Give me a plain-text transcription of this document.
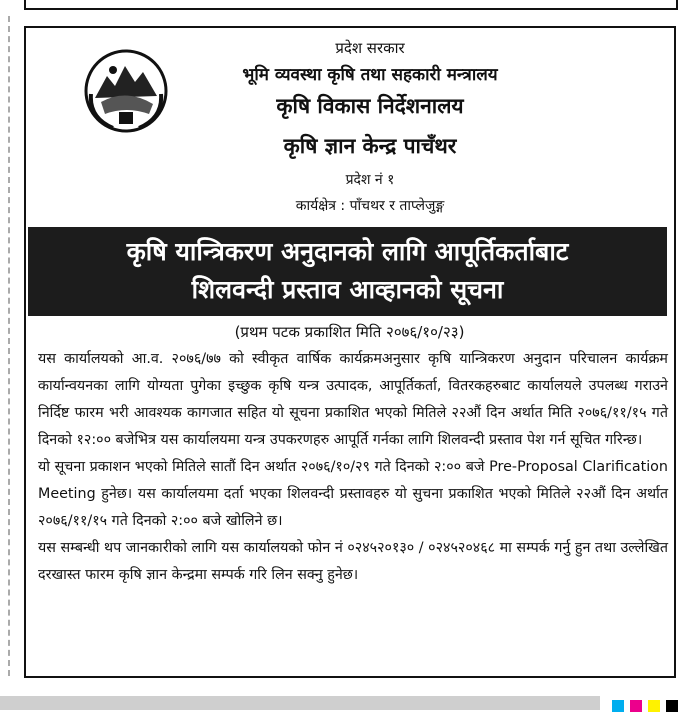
प्रदेश सरकार
भूमि व्यवस्था कृषि तथा सहकारी मन्त्रालय
कृषि विकास निर्देशनालय
कृषि ज्ञान केन्द्र पाचँथर
प्रदेश नं १
कार्यक्षेत्र : पाँचथर र ताप्लेजुङ्ग
कृषि यान्त्रिकरण अनुदानको लागि आपूर्तिकर्ताबाट
शिलवन्दी प्रस्ताव आव्हानको सूचना
(प्रथम पटक प्रकाशित मिति २०७६/१०/२३)

यस कार्यालयको आ.व. २०७६/७७ को स्वीकृत वार्षिक कार्यक्रमअनुसार कृषि यान्त्रिकरण अनुदान परिचालन कार्यक्रम कार्यान्वयनका लागि योग्यता पुगेका इच्छुक कृषि यन्त्र उत्पादक, आपूर्तिकर्ता, वितरकहरुबाट कार्यालयले उपलब्ध गराउने निर्दिष्ट फारम भरी आवश्यक कागजात सहित यो सूचना प्रकाशित भएको मितिले २२औं दिन अर्थात मिति २०७६/११/१५ गते दिनको १२:०० बजेभित्र यस कार्यालयमा यन्त्र उपकरणहरु आपूर्ति गर्नका लागि शिलवन्दी प्रस्ताव पेश गर्न सूचित गरिन्छ।

यो सूचना प्रकाशन भएको मितिले सातौं दिन अर्थात २०७६/१०/२९ गते दिनको २:०० बजे Pre-Proposal Clarification Meeting हुनेछ। यस कार्यालयमा दर्ता भएका शिलवन्दी प्रस्तावहरु यो सुचना प्रकाशित भएको मितिले २२औं दिन अर्थात २०७६/११/१५ गते दिनको २:०० बजे खोलिने छ।

यस सम्बन्धी थप जानकारीको लागि यस कार्यालयको फोन नं ०२४५२०१३० / ०२४५२०४६८ मा सम्पर्क गर्नु हुन तथा उल्लेखित दरखास्त फारम कृषि ज्ञान केन्द्रमा सम्पर्क गरि लिन सक्नु हुनेछ।
